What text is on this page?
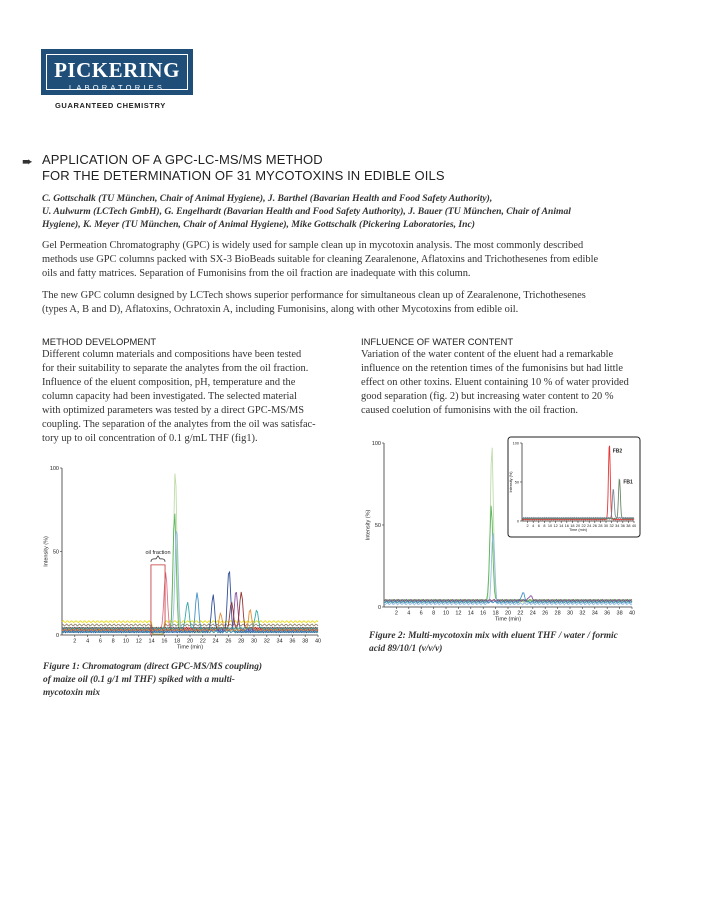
PICKERING
LABORATORIES
GUARANTEED CHEMISTRY
➨ APPLICATION OF A GPC-LC-MS/MS METHOD
FOR THE DETERMINATION OF 31 MYCOTOXINS IN EDIBLE OILS
C. Gottschalk (TU München, Chair of Animal Hygiene), J. Barthel (Bavarian Health and Food Safety Authority),
U. Aulwurm (LCTech GmbH), G. Engelhardt (Bavarian Health and Food Safety Authority), J. Bauer (TU München, Chair of Animal
Hygiene), K. Meyer (TU München, Chair of Animal Hygiene), Mike Gottschalk (Pickering Laboratories, Inc)
Gel Permeation Chromatography (GPC) is widely used for sample clean up in mycotoxin analysis. The most commonly described
methods use GPC columns packed with SX-3 BioBeads suitable for cleaning Zearalenone, Aflatoxins and Trichothesenes from edible
oils and fatty matrices. Separation of Fumonisins from the oil fraction are inadequate with this column.
The new GPC column designed by LCTech shows superior performance for simultaneous clean up of Zearalenone, Trichothesenes
(types A, B and D), Aflatoxins, Ochratoxin A, including Fumonisins, along with other Mycotoxins from edible oil.
METHOD DEVELOPMENT
Different column materials and compositions have been tested
for their suitability to separate the analytes from the oil fraction.
Influence of the eluent composition, pH, temperature and the
column capacity had been investigated. The selected material
with optimized parameters was tested by a direct GPC-MS/MS
coupling. The separation of the analytes from the oil was satisfac-
tory up to oil concentration of 0.1 g/mL THF (fig1).
INFLUENCE OF WATER CONTENT
Variation of the water content of the eluent had a remarkable
influence on the retention times of the fumonisins but had little
effect on other toxins. Eluent containing 10 % of water provided
good separation (fig. 2) but increasing water content to 20 %
caused coelution of fumonisins with the oil fraction.
2 4 6 8 10 12 14 16 18 20 22 24 26 28 30 32 34 36 38 40
0
50
100
Time (min)
Intensity (%)	oil fraction
Figure 1: Chromatogram (direct GPC-MS/MS coupling)
of maize oil (0.1 g/1 ml THF) spiked with a multi-
mycotoxin mix
2 4 6 8 10 12 14 16 18 20 22 24 26 28 30 32 34 36 38 40
0
50
100
Time (min)
Intensity (%)	2 4 6 8 10 12 14 16 18 20 22 24 26 28 30 32 34 36 38 40
0
50
100
Time (min)
Intensity (%)
FB2
FB1
Figure 2: Multi-mycotoxin mix with eluent THF / water / formic
acid 89/10/1 (v/v/v)
